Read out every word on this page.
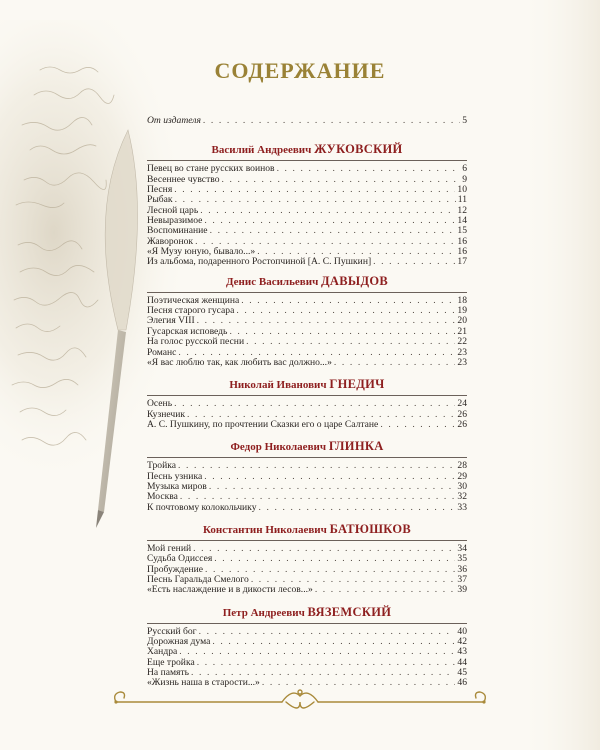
СОДЕРЖАНИЕ
От издателя . . .	5
Василий Андреевич ЖУКОВСКИЙ
Певец во стане русских воинов . . .	6
Весеннее чувство . . .	9
Песня . . .	10
Рыбак . . .	11
Лесной царь . . .	12
Невыразимое . . .	14
Воспоминание . . .	15
Жаворонок . . .	16
«Я Музу юную, бывало...» . . .	16
Из альбома, подаренного Ростопчиной [А. С. Пушкин] . . .	17
Денис Васильевич ДАВЫДОВ
Поэтическая женщина . . .	18
Песня старого гусара . . .	19
Элегия VIII . . .	20
Гусарская исповедь . . .	21
На голос русской песни . . .	22
Романс . . .	23
«Я вас люблю так, как любить вас должно...» . . .	23
Николай Иванович ГНЕДИЧ
Осень . . .	24
Кузнечик . . .	26
А. С. Пушкину, по прочтении Сказки его о царе Салтане . . .	26
Федор Николаевич ГЛИНКА
Тройка . . .	28
Песнь узника . . .	29
Музыка миров . . .	30
Москва . . .	32
К почтовому колокольчику . . .	33
Константин Николаевич БАТЮШКОВ
Мой гений . . .	34
Судьба Одиссея . . .	35
Пробуждение . . .	36
Песнь Гаральда Смелого . . .	37
«Есть наслаждение и в дикости лесов...» . . .	39
Петр Андреевич ВЯЗЕМСКИЙ
Русский бог . . .	40
Дорожная дума . . .	42
Хандра . . .	43
Еще тройка . . .	44
На память . . .	45
«Жизнь наша в старости...» . . .	46
